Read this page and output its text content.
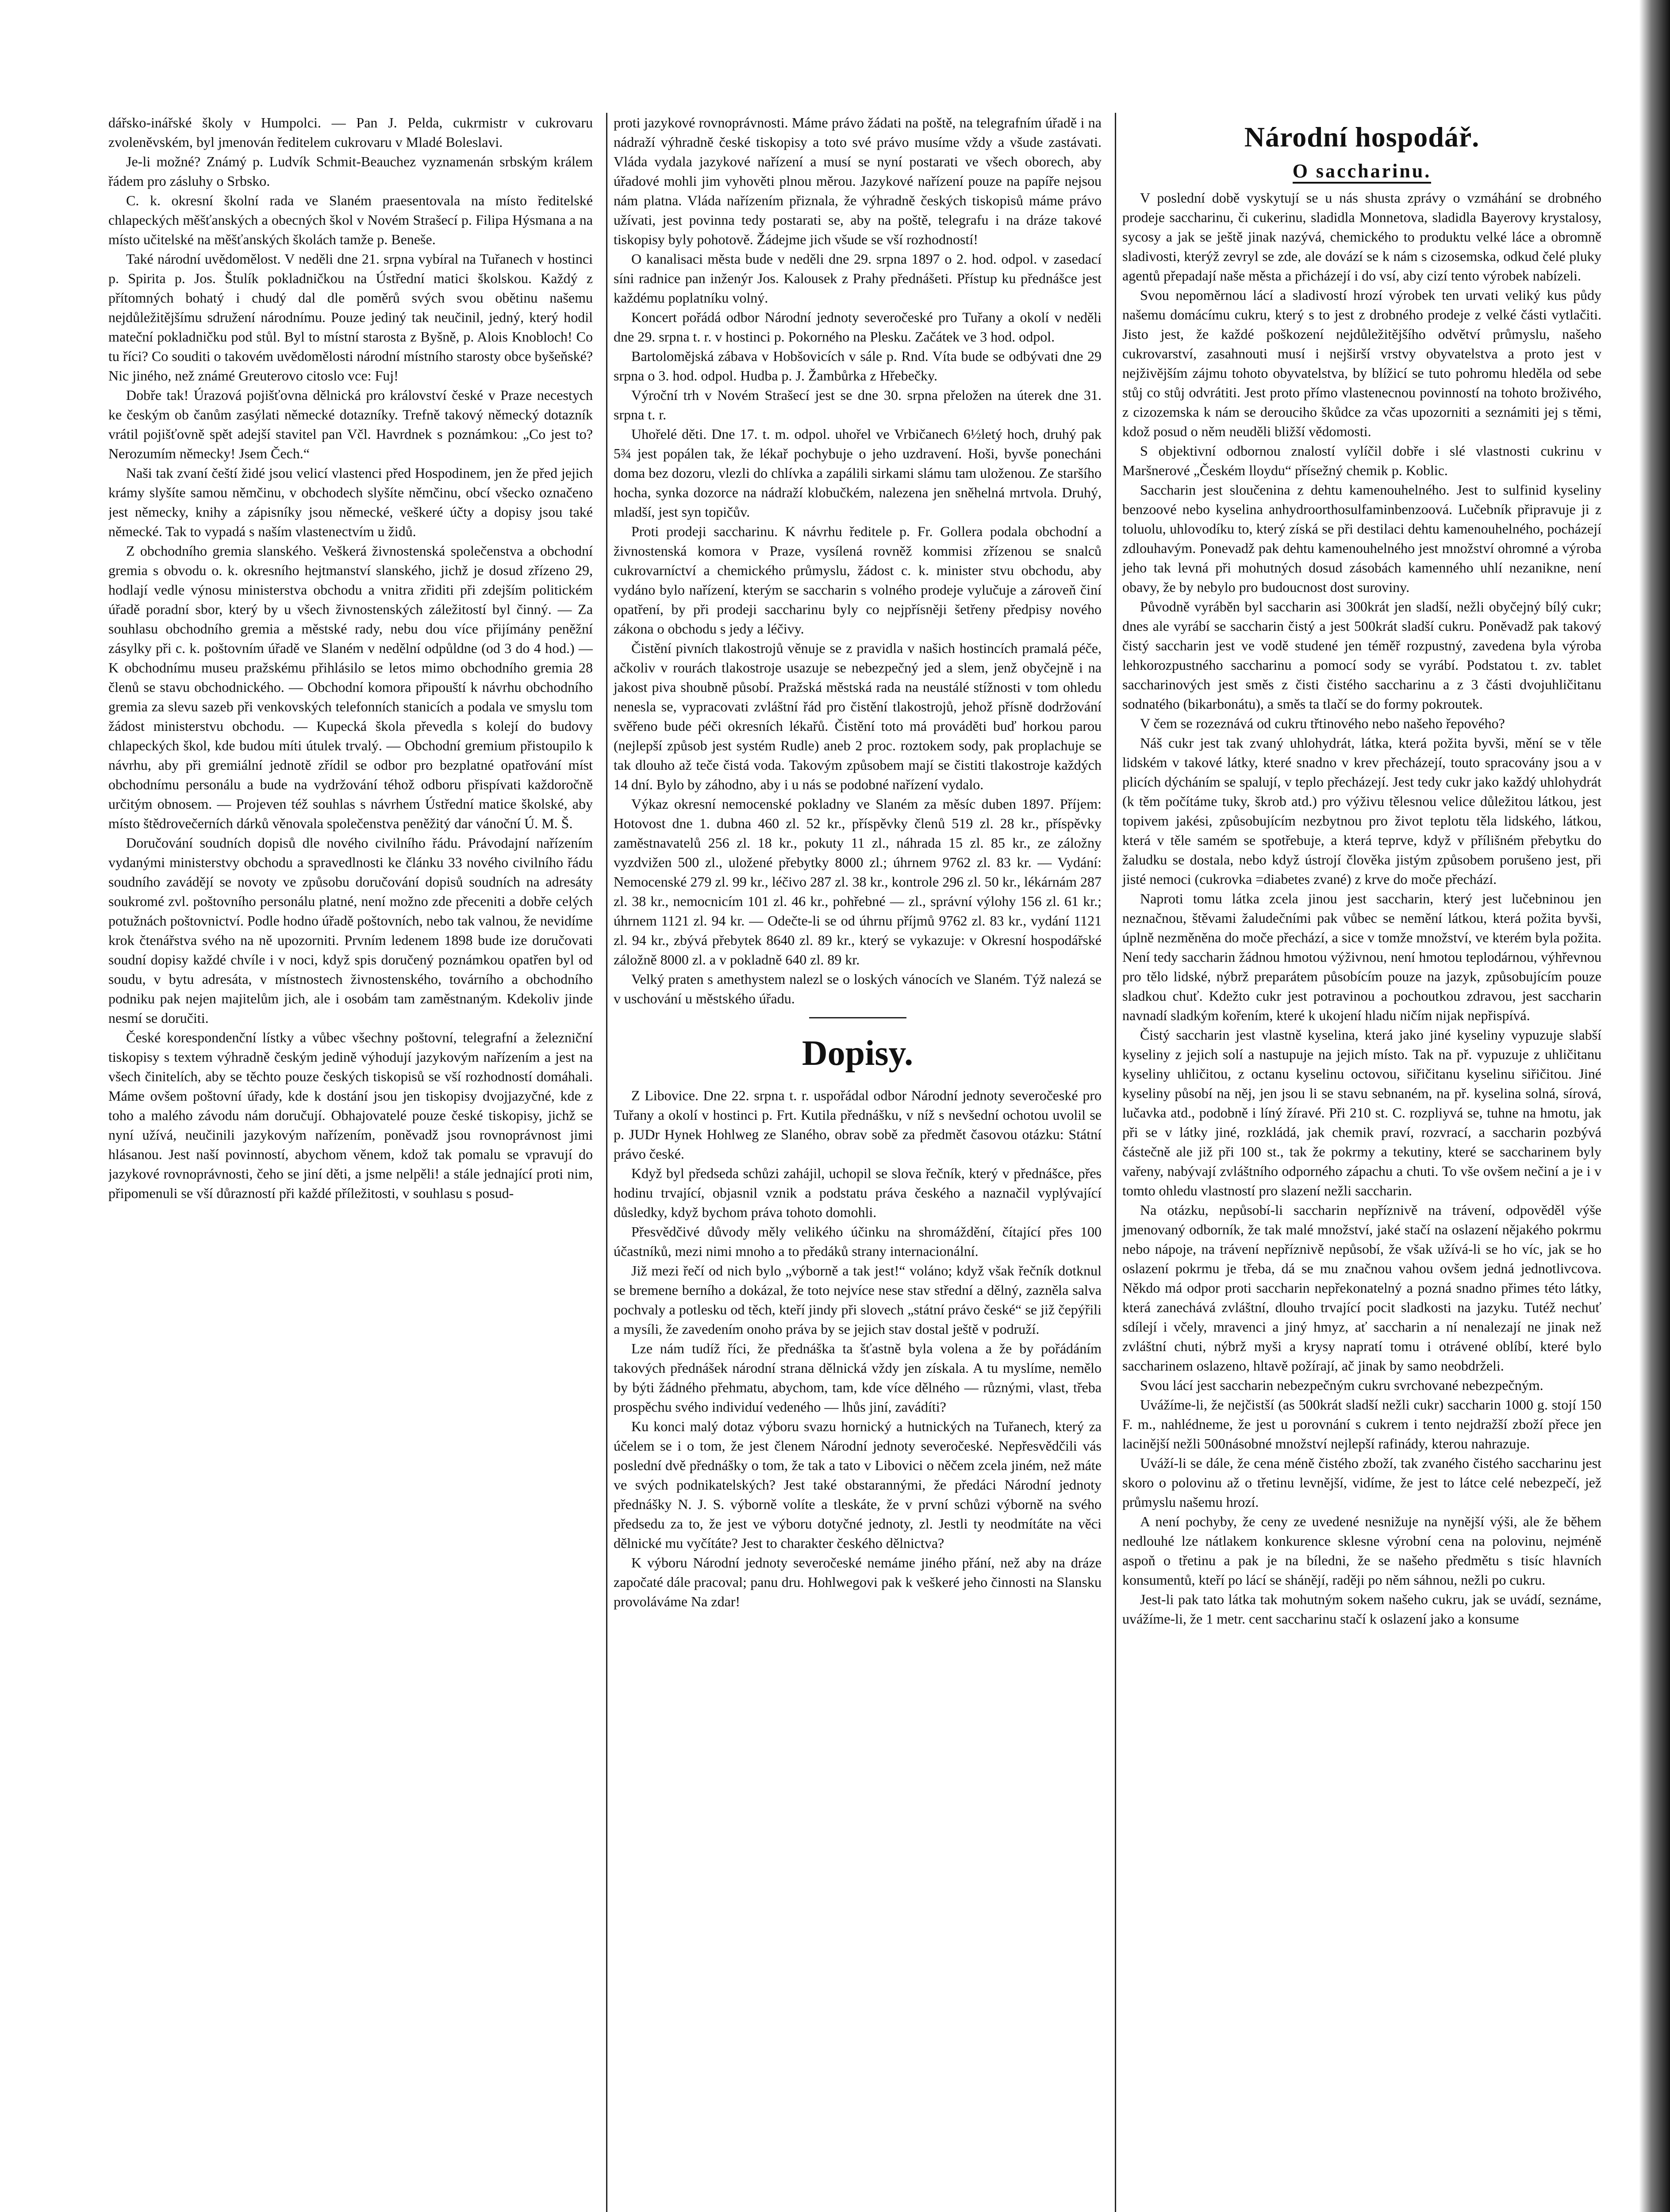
dářsko-inářské školy v Humpolci. — Pan J. Pelda, cukrmistr v cukrovaru zvoleněvském, byl jmenován ředitelem cukrovaru v Mladé Boleslavi.

Je-li možné? Známý p. Ludvík Schmit-Beauchez vyznamenán srbským králem řádem pro zásluhy o Srbsko.

C. k. okresní školní rada ve Slaném praesentovala na místo ředitelské chlapeckých měšťanských a obecných škol v Novém Strašecí p. Filipa Hýsmana a na místo učitelské na měšťanských školách tamže p. Beneše.

Také národní uvědomělost. V neděli dne 21. srpna vybíral na Tuřanech v hostinci p. Spirita p. Jos. Štulík pokladničkou na Ústřední matici školskou. Každý z přítomných bohatý i chudý dal dle poměrů svých svou obětinu našemu nejdůležitějšímu sdružení národnímu. Pouze jediný tak neučinil, jedný, který hodil mateční pokladničku pod stůl. Byl to místní starosta z Byšně, p. Alois Knobloch! Co tu říci? Co souditi o takovém uvědomělosti národní místního starosty obce byšeňské? Nic jiného, než známé Greuterovo citoslo vce: Fuj!

Dobře tak! Úrazová pojišťovna dělnická pro království české v Praze necestych ke českým ob čanům zasýlati německé dotazníky. Trefně takový německý dotazník vrátil pojišťovně spět adejší stavitel pan Včl. Havrdnek s poznámkou: „Co jest to? Nerozumím německy! Jsem Čech.“

Naši tak zvaní čeští židé jsou velicí vlastenci před Hospodinem, jen že před jejich krámy slyšíte samou němčinu, v obchodech slyšíte němčinu, obcí všecko označeno jest německy, knihy a zápisníky jsou německé, veškeré účty a dopisy jsou také německé. Tak to vypadá s naším vlastenectvím u židů.

Z obchodního gremia slanského. Veškerá živnostenská společenstva a obchodní gremia s obvodu o. k. okresního hejtmanství slanského, jichž je dosud zřízeno 29, hodlají vedle výnosu ministerstva obchodu a vnitra zřiditi při zdejším politickém úřadě poradní sbor, který by u všech živnostenských záležitostí byl činný. — Za souhlasu obchodního gremia a městské rady, nebu dou více přijímány peněžní zásylky při c. k. poštovním úřadě ve Slaném v nedělní odpůldne (od 3 do 4 hod.) — K obchodnímu museu pražskému přihlásilo se letos mimo obchodního gremia 28 členů se stavu obchodnického. — Obchodní komora připouští k návrhu obchodního gremia za slevu sazeb při venkovských telefonních stanicích a podala ve smyslu tom žádost ministerstvu obchodu. — Kupecká škola převedla s kolejí do budovy chlapeckých škol, kde budou míti útulek trvalý. — Obchodní gremium přistoupilo k návrhu, aby při gremiální jednotě zřídil se odbor pro bezplatné opatřování míst obchodnímu personálu a bude na vydržování téhož odboru přispívati každoročně určitým obnosem. — Projeven též souhlas s návrhem Ústřední matice školské, aby místo štědrovečerních dárků věnovala společenstva peněžitý dar vánoční Ú. M. Š.

Doručování soudních dopisů dle nového civilního řádu. Právodajní nařízením vydanými ministerstvy obchodu a spravedlnosti ke článku 33 nového civilního řádu soudního zavádějí se novoty ve způsobu doručování dopisů soudních na adresáty soukromé zvl. poštovního personálu platné, není možno zde přeceniti a dobře celých potužnách poštovnictví. Podle hodno úřadě poštovních, nebo tak valnou, že nevidíme krok čtenářstva svého na ně upozorniti. Prvním ledenem 1898 bude ize doručovati soudní dopisy každé chvíle i v noci, když spis doručený poznámkou opatřen byl od soudu, v bytu adresáta, v místnostech živnostenského, továrního a obchodního podniku pak nejen majitelům jich, ale i osobám tam zaměstnaným. Kdekoliv jinde nesmí se doručiti.

České korespondenční lístky a vůbec všechny poštovní, telegrafní a železniční tiskopisy s textem výhradně českým jedině výhodují jazykovým nařízením a jest na všech činitelích, aby se těchto pouze českých tiskopisů se vší rozhodností domáhali. Máme ovšem poštovní úřady, kde k dostání jsou jen tiskopisy dvojjazyčné, kde z toho a malého závodu nám doručují. Obhajovatelé pouze české tiskopisy, jichž se nyní užívá, neučinili jazykovým nařízením, poněvadž jsou rovnoprávnost jimi hlásanou. Jest naší povinností, abychom věnem, kdož tak pomalu se vpravují do jazykové rovnoprávnosti, čeho se jiní děti, a jsme nelpěli! a stále jednající proti nim, připomenuli se vší důrazností při každé příležitosti, v souhlasu s posud-

proti jazykové rovnoprávnosti. Máme právo žádati na poště, na telegrafním úřadě i na nádraží výhradně české tiskopisy a toto své právo musíme vždy a všude zastávati. Vláda vydala jazykové nařízení a musí se nyní postarati ve všech oborech, aby úřadové mohli jim vyhověti plnou měrou. Jazykové nařízení pouze na papíře nejsou nám platna. Vláda nařízením přiznala, že výhradně českých tiskopisů máme právo užívati, jest povinna tedy postarati se, aby na poště, telegrafu i na dráze takové tiskopisy byly pohotově. Žádejme jich všude se vší rozhodností!

O kanalisaci města bude v neděli dne 29. srpna 1897 o 2. hod. odpol. v zasedací síni radnice pan inženýr Jos. Kalousek z Prahy přednášeti. Přístup ku přednášce jest každému poplatníku volný.

Koncert pořádá odbor Národní jednoty severočeské pro Tuřany a okolí v neděli dne 29. srpna t. r. v hostinci p. Pokorného na Plesku. Začátek ve 3 hod. odpol.

Bartolomějská zábava v Hobšovicích v sále p. Rnd. Víta bude se odbývati dne 29 srpna o 3. hod. odpol. Hudba p. J. Žambůrka z Hřebečky.

Výroční trh v Novém Strašecí jest se dne 30. srpna přeložen na úterek dne 31. srpna t. r.

Uhořelé děti. Dne 17. t. m. odpol. uhořel ve Vrbičanech 6½letý hoch, druhý pak 5¾ jest popálen tak, že lékař pochybuje o jeho uzdravení. Hoši, byvše ponecháni doma bez dozoru, vlezli do chlívka a zapálili sirkami slámu tam uloženou. Ze staršího hocha, synka dozorce na nádraží klobučkém, nalezena jen sněhelná mrtvola. Druhý, mladší, jest syn topičův.

Proti prodeji saccharinu. K návrhu ředitele p. Fr. Gollera podala obchodní a živnostenská komora v Praze, vysílená rovněž kommisi zřízenou se snalců cukrovarníctví a chemického průmyslu, žádost c. k. minister stvu obchodu, aby vydáno bylo nařízení, kterým se saccharin s volného prodeje vylučuje a zároveň činí opatření, by při prodeji saccharinu byly co nejpřísněji šetřeny předpisy nového zákona o obchodu s jedy a léčivy.

Čistění pivních tlakostrojů věnuje se z pravidla v našich hostincích pramalá péče, ačkoliv v rourách tlakostroje usazuje se nebezpečný jed a slem, jenž obyčejně i na jakost piva shoubně působí. Pražská městská rada na neustálé stížnosti v tom ohledu nenesla se, vypracovati zvláštní řád pro čistění tlakostrojů, jehož přísně dodržování svěřeno bude péči okresních lékařů. Čistění toto má prováděti buď horkou parou (nejlepší způsob jest systém Rudle) aneb 2 proc. roztokem sody, pak proplachuje se tak dlouho až teče čistá voda. Takovým způsobem mají se čistiti tlakostroje každých 14 dní. Bylo by záhodno, aby i u nás se podobné nařízení vydalo.

Výkaz okresní nemocenské pokladny ve Slaném za měsíc duben 1897. Příjem: Hotovost dne 1. dubna 460 zl. 52 kr., příspěvky členů 519 zl. 28 kr., příspěvky zaměstnavatelů 256 zl. 18 kr., pokuty 11 zl., náhrada 15 zl. 85 kr., ze záložny vyzdvižen 500 zl., uložené přebytky 8000 zl.; úhrnem 9762 zl. 83 kr. — Vydání: Nemocenské 279 zl. 99 kr., léčivo 287 zl. 38 kr., kontrole 296 zl. 50 kr., lékárnám 287 zl. 38 kr., nemocnicím 101 zl. 46 kr., pohřebné — zl., správní výlohy 156 zl. 61 kr.; úhrnem 1121 zl. 94 kr. — Odečte-li se od úhrnu příjmů 9762 zl. 83 kr., vydání 1121 zl. 94 kr., zbývá přebytek 8640 zl. 89 kr., který se vykazuje: v Okresní hospodářské záložně 8000 zl. a v pokladně 640 zl. 89 kr.

Velký praten s amethystem nalezl se o loských vánocích ve Slaném. Týž nalezá se v uschování u městského úřadu.

Dopisy.

Z Libovice. Dne 22. srpna t. r. uspořádal odbor Národní jednoty severočeské pro Tuřany a okolí v hostinci p. Frt. Kutila přednášku, v níž s nevšední ochotou uvolil se p. JUDr Hynek Hohlweg ze Slaného, obrav sobě za předmět časovou otázku: Státní právo české.

Když byl předseda schůzi zahájil, uchopil se slova řečník, který v přednášce, přes hodinu trvající, objasnil vznik a podstatu práva českého a naznačil vyplývající důsledky, když bychom práva tohoto domohli.

Přesvědčivé důvody měly velikého účinku na shromáždění, čítající přes 100 účastníků, mezi nimi mnoho a to předáků strany internacionální.

Již mezi řečí od nich bylo „výborně a tak jest!“ voláno; když však řečník dotknul se bremene berního a dokázal, že toto nejvíce nese stav střední a dělný, zazněla salva pochvaly a potlesku od těch, kteří jindy při slovech „státní právo české“ se již čepýřili a mysíli, že zavedením onoho práva by se jejich stav dostal ještě v podruží.

Lze nám tudíž říci, že přednáška ta šťastně byla volena a že by pořádáním takových přednášek národní strana dělnická vždy jen získala. A tu myslíme, nemělo by býti žádného přehmatu, abychom, tam, kde více dělného — různými, vlast, třeba prospěchu svého individuí vedeného — lhůs jiní, zavádíti?

Ku konci malý dotaz výboru svazu hornický a hutnických na Tuřanech, který za účelem se i o tom, že jest členem Národní jednoty severočeské. Nepřesvědčili vás poslední dvě přednášky o tom, že tak a tato v Libovici o něčem zcela jiném, než máte ve svých podnikatelských? Jest také obstarannými, že předáci Národní jednoty přednášky N. J. S. výborně volíte a tleskáte, že v první schůzi výborně na svého předsedu za to, že jest ve výboru dotyčné jednoty, zl. Jestli ty neodmítáte na věci dělnické mu vyčítáte? Jest to charakter českého dělnictva?

K výboru Národní jednoty severočeské nemáme jiného přání, než aby na dráze započaté dále pracoval; panu dru. Hohlwegovi pak k veškeré jeho činnosti na Slansku provoláváme Na zdar!

Národní hospodář.
O saccharinu.

V poslední době vyskytují se u nás shusta zprávy o vzmáhání se drobného prodeje saccharinu, či cukerinu, sladidla Monnetova, sladidla Bayerovy krystalosy, sycosy a jak se ještě jinak nazývá, chemického to produktu velké láce a obromně sladivosti, kterýž zevryl se zde, ale dovází se k nám s cizosemska, odkud čelé pluky agentů přepadají naše města a přicházejí i do vsí, aby cizí tento výrobek nabízeli.

Svou nepoměrnou lácí a sladivostí hrozí výrobek ten urvati veliký kus půdy našemu domácímu cukru, který s to jest z drobného prodeje z velké části vytlačiti. Jisto jest, že každé poškození nejdůležitějšího odvětví průmyslu, našeho cukrovarství, zasahnouti musí i nejširší vrstvy obyvatelstva a proto jest v nejživějším zájmu tohoto obyvatelstva, by blížicí se tuto pohromu hleděla od sebe stůj co stůj odvrátiti. Jest proto přímo vlastenecnou povinností na tohoto broživého, z cizozemska k nám se derouciho škůdce za včas upozorniti a seznámiti jej s těmi, kdož posud o něm neuděli bližší vědomosti.

S objektivní odbornou znalostí vylíčil dobře i slé vlastnosti cukrinu v Maršnerové „Českém lloydu“ přísežný chemik p. Koblic.

Saccharin jest sloučenina z dehtu kamenouhelného. Jest to sulfinid kyseliny benzoové nebo kyselina anhydroorthosulfaminbenzoová. Lučebník připravuje ji z toluolu, uhlovodíku to, který získá se při destilaci dehtu kamenouhelného, pocházejí zdlouhavým. Ponevadž pak dehtu kamenouhelného jest množství ohromné a výroba jeho tak levná při mohutných dosud zásobách kamenného uhlí nezanikne, není obavy, že by nebylo pro budoucnost dost suroviny.

Původně vyráběn byl saccharin asi 300krát jen sladší, nežli obyčejný bílý cukr; dnes ale vyrábí se saccharin čistý a jest 500krát sladší cukru. Poněvadž pak takový čistý saccharin jest ve vodě studené jen téměř rozpustný, zavedena byla výroba lehkorozpustného saccharinu a pomocí sody se vyrábí. Podstatou t. zv. tablet saccharinových jest směs z čisti čistého saccharinu a z 3 části dvojuhličitanu sodnatého (bikarbonátu), a směs ta tlačí se do formy pokroutek.

V čem se rozeznává od cukru třtinového nebo našeho řepového?

Náš cukr jest tak zvaný uhlohydrát, látka, která požita byvši, mění se v těle lidském v takové látky, které snadno v krev přecházejí, touto spracovány jsou a v plicích dýcháním se spalují, v teplo přecházejí. Jest tedy cukr jako každý uhlohydrát (k těm počítáme tuky, škrob atd.) pro výživu tělesnou velice důležitou látkou, jest topivem jakési, způsobujícím nezbytnou pro život teplotu těla lidského, látkou, která v těle samém se spotřebuje, a která teprve, když v přílišném přebytku do žaludku se dostala, nebo když ústrojí člověka jistým způsobem porušeno jest, při jisté nemoci (cukrovka =diabetes zvané) z krve do moče přechází.

Naproti tomu látka zcela jinou jest saccharin, který jest lučebninou jen neznačnou, štěvami žaludečními pak vůbec se nemění látkou, která požita byvši, úplně nezměněna do moče přechází, a sice v tomže množství, ve kterém byla požita. Není tedy saccharin žádnou hmotou výživnou, není hmotou teplodárnou, výhřevnou pro tělo lidské, nýbrž preparátem působícím pouze na jazyk, způsobujícím pouze sladkou chuť. Kdežto cukr jest potravinou a pochoutkou zdravou, jest saccharin navnadí sladkým kořením, které k ukojení hladu ničím nijak nepřispívá.

Čistý saccharin jest vlastně kyselina, která jako jiné kyseliny vypuzuje slabší kyseliny z jejich solí a nastupuje na jejich místo. Tak na př. vypuzuje z uhličitanu kyseliny uhličitou, z octanu kyselinu octovou, siřičitanu kyselinu siřičitou. Jiné kyseliny působí na něj, jen jsou li se stavu sebnaném, na př. kyselina solná, sírová, lučavka atd., podobně i líný žíravé. Při 210 st. C. rozpliyvá se, tuhne na hmotu, jak při se v látky jiné, rozkládá, jak chemik praví, rozvrací, a saccharin pozbývá částečně ale již při 100 st., tak že pokrmy a tekutiny, které se saccharinem byly vařeny, nabývají zvláštního odporného zápachu a chuti. To vše ovšem nečiní a je i v tomto ohledu vlastností pro slazení nežli saccharin.

Na otázku, nepůsobí-li saccharin nepříznivě na trávení, odpověděl výše jmenovaný odborník, že tak malé množství, jaké stačí na oslazení nějakého pokrmu nebo nápoje, na trávení nepříznivě nepůsobí, že však užívá-li se ho víc, jak se ho oslazení pokrmu je třeba, dá se mu značnou vahou ovšem jedná jednotlivcova. Někdo má odpor proti saccharin nepřekonatelný a pozná snadno přimes této látky, která zanechává zvláštní, dlouho trvající pocit sladkosti na jazyku. Tutéž nechuť sdílejí i včely, mravenci a jiný hmyz, ať saccharin a ní nenalezají ne jinak než zvláštní chuti, nýbrž myši a krysy napratí tomu i otrávené oblíbí, které bylo saccharinem oslazeno, hltavě požírají, ač jinak by samo neobdrželi.

Svou lácí jest saccharin nebezpečným cukru svrchované nebezpečným.

Uvážíme-li, že nejčistší (as 500krát sladší nežli cukr) saccharin 1000 g. stojí 150 F. m., nahlédneme, že jest u porovnání s cukrem i tento nejdražší zboží přece jen lacinější nežli 500násobné množství nejlepší rafinády, kterou nahrazuje.

Uváží-li se dále, že cena méně čistého zboží, tak zvaného čistého saccharinu jest skoro o polovinu až o třetinu levnější, vidíme, že jest to látce celé nebezpečí, jež průmyslu našemu hrozí.

A není pochyby, že ceny ze uvedené nesnižuje na nynější výši, ale že během nedlouhé lze nátlakem konkurence sklesne výrobní cena na polovinu, nejméně aspoň o třetinu a pak je na bíledni, že se našeho předmětu s tisíc hlavních konsumentů, kteří po lácí se shánějí, raději po něm sáhnou, nežli po cukru.

Jest-li pak tato látka tak mohutným sokem našeho cukru, jak se uvádí, seznáme, uvážíme-li, že 1 metr. cent saccharinu stačí k oslazení jako a konsume
